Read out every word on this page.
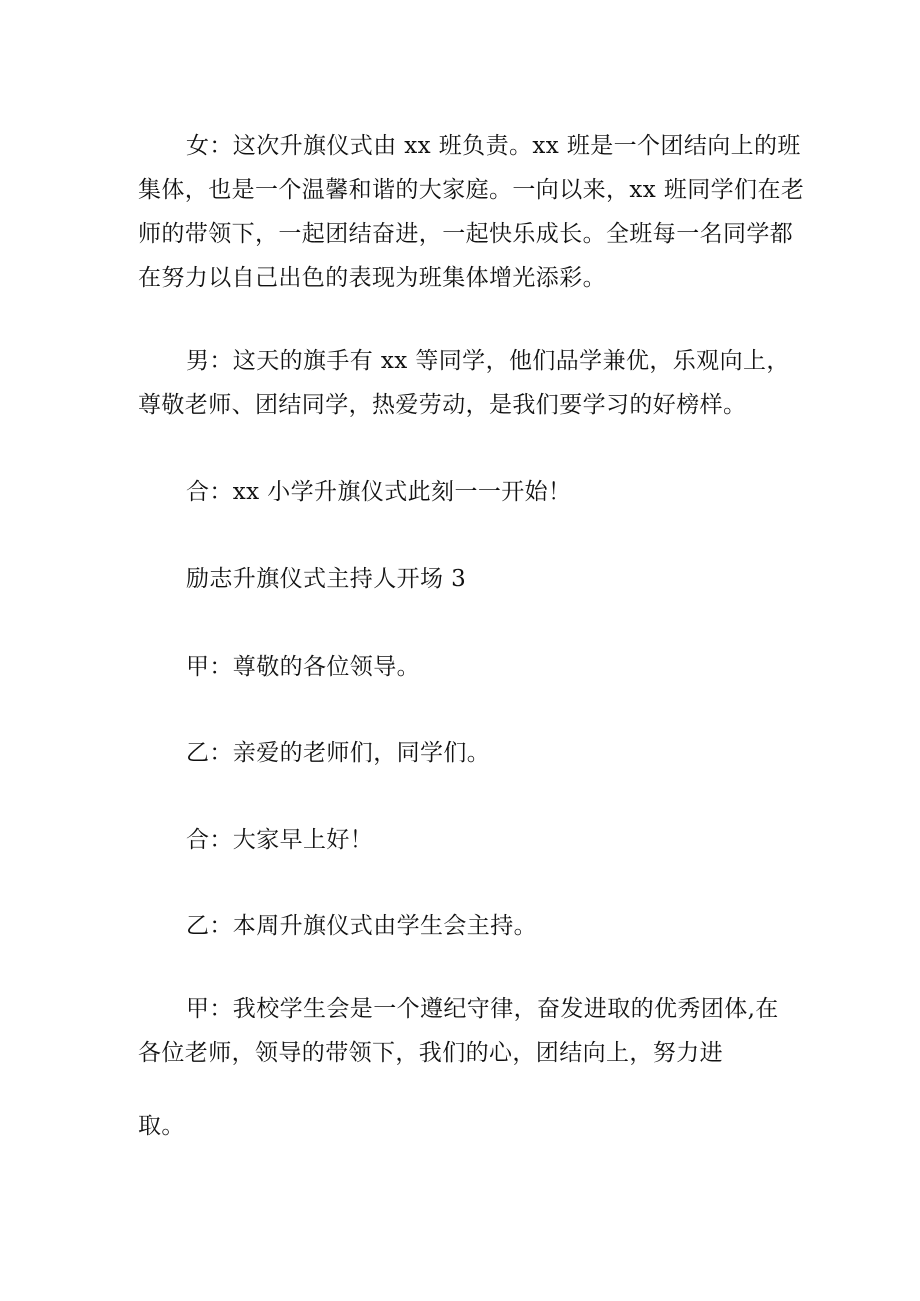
女：这次升旗仪式由 xx 班负责。xx 班是一个团结向上的班
集体，也是一个温馨和谐的大家庭。一向以来，xx 班同学们在老
师的带领下，一起团结奋进，一起快乐成长。全班每一名同学都
在努力以自己出色的表现为班集体增光添彩。

男：这天的旗手有 xx 等同学，他们品学兼优，乐观向上，
尊敬老师、团结同学，热爱劳动，是我们要学习的好榜样。

合：xx 小学升旗仪式此刻一一开始！

励志升旗仪式主持人开场 3

甲：尊敬的各位领导。

乙：亲爱的老师们，同学们。

合：大家早上好！

乙：本周升旗仪式由学生会主持。

甲：我校学生会是一个遵纪守律，奋发进取的优秀团体,在
各位老师，领导的带领下，我们的心，团结向上，努力进

取。
